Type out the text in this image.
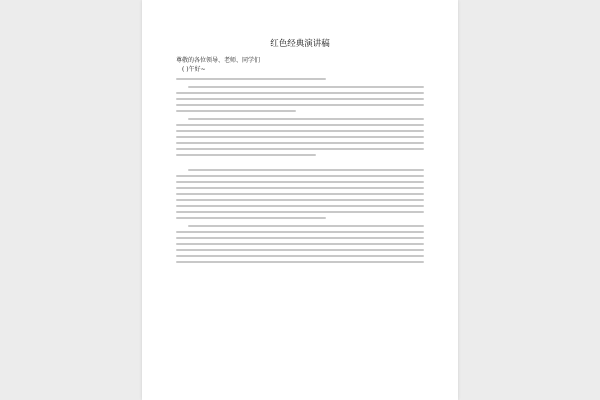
红色经典演讲稿
尊敬的各位领导、老师、同学们
( )午好~
